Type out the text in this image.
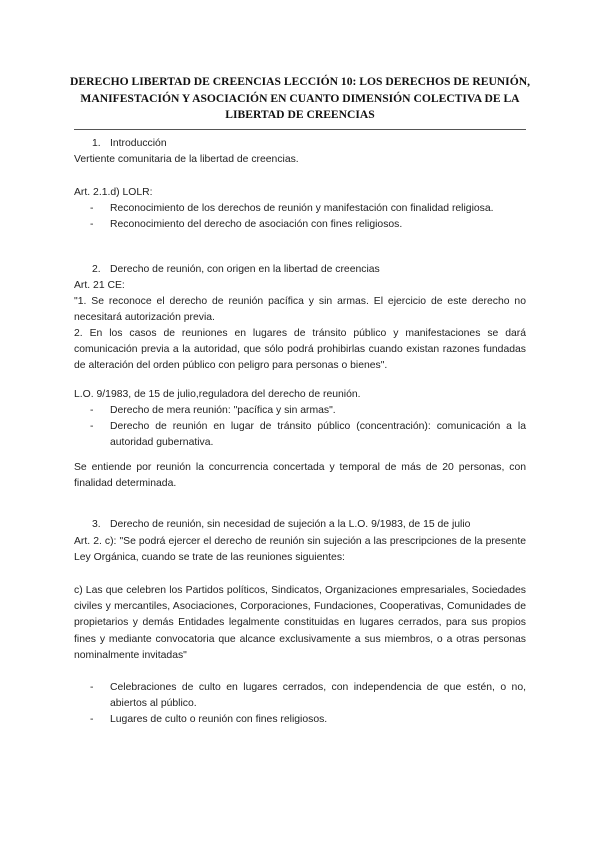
DERECHO LIBERTAD DE CREENCIAS LECCIÓN 10: LOS DERECHOS DE REUNIÓN,
MANIFESTACIÓN Y ASOCIACIÓN EN CUANTO DIMENSIÓN COLECTIVA DE LA
LIBERTAD DE CREENCIAS
1. Introducción

Vertiente comunitaria de la libertad de creencias.
Art. 2.1.d) LOLR:
- Reconocimiento de los derechos de reunión y manifestación con finalidad religiosa.
- Reconocimiento del derecho de asociación con fines religiosos.
2. Derecho de reunión, con origen en la libertad de creencias

Art. 21 CE:
"1. Se reconoce el derecho de reunión pacífica y sin armas. El ejercicio de este derecho no necesitará autorización previa.
2. En los casos de reuniones en lugares de tránsito público y manifestaciones se dará comunicación previa a la autoridad, que sólo podrá prohibirlas cuando existan razones fundadas de alteración del orden público con peligro para personas o bienes".
L.O. 9/1983, de 15 de julio,reguladora del derecho de reunión.
- Derecho de mera reunión: "pacífica y sin armas".
- Derecho de reunión en lugar de tránsito público (concentración): comunicación a la autoridad gubernativa.
Se entiende por reunión la concurrencia concertada y temporal de más de 20 personas, con finalidad determinada.
3. Derecho de reunión, sin necesidad de sujeción a la L.O. 9/1983, de 15 de julio

Art. 2. c): "Se podrá ejercer el derecho de reunión sin sujeción a las prescripciones de la presente Ley Orgánica, cuando se trate de las reuniones siguientes:
c) Las que celebren los Partidos políticos, Sindicatos, Organizaciones empresariales, Sociedades civiles y mercantiles, Asociaciones, Corporaciones, Fundaciones, Cooperativas, Comunidades de propietarios y demás Entidades legalmente constituidas en lugares cerrados, para sus propios fines y mediante convocatoria que alcance exclusivamente a sus miembros, o a otras personas nominalmente invitadas"
- Celebraciones de culto en lugares cerrados, con independencia de que estén, o no, abiertos al público.
- Lugares de culto o reunión con fines religiosos.
